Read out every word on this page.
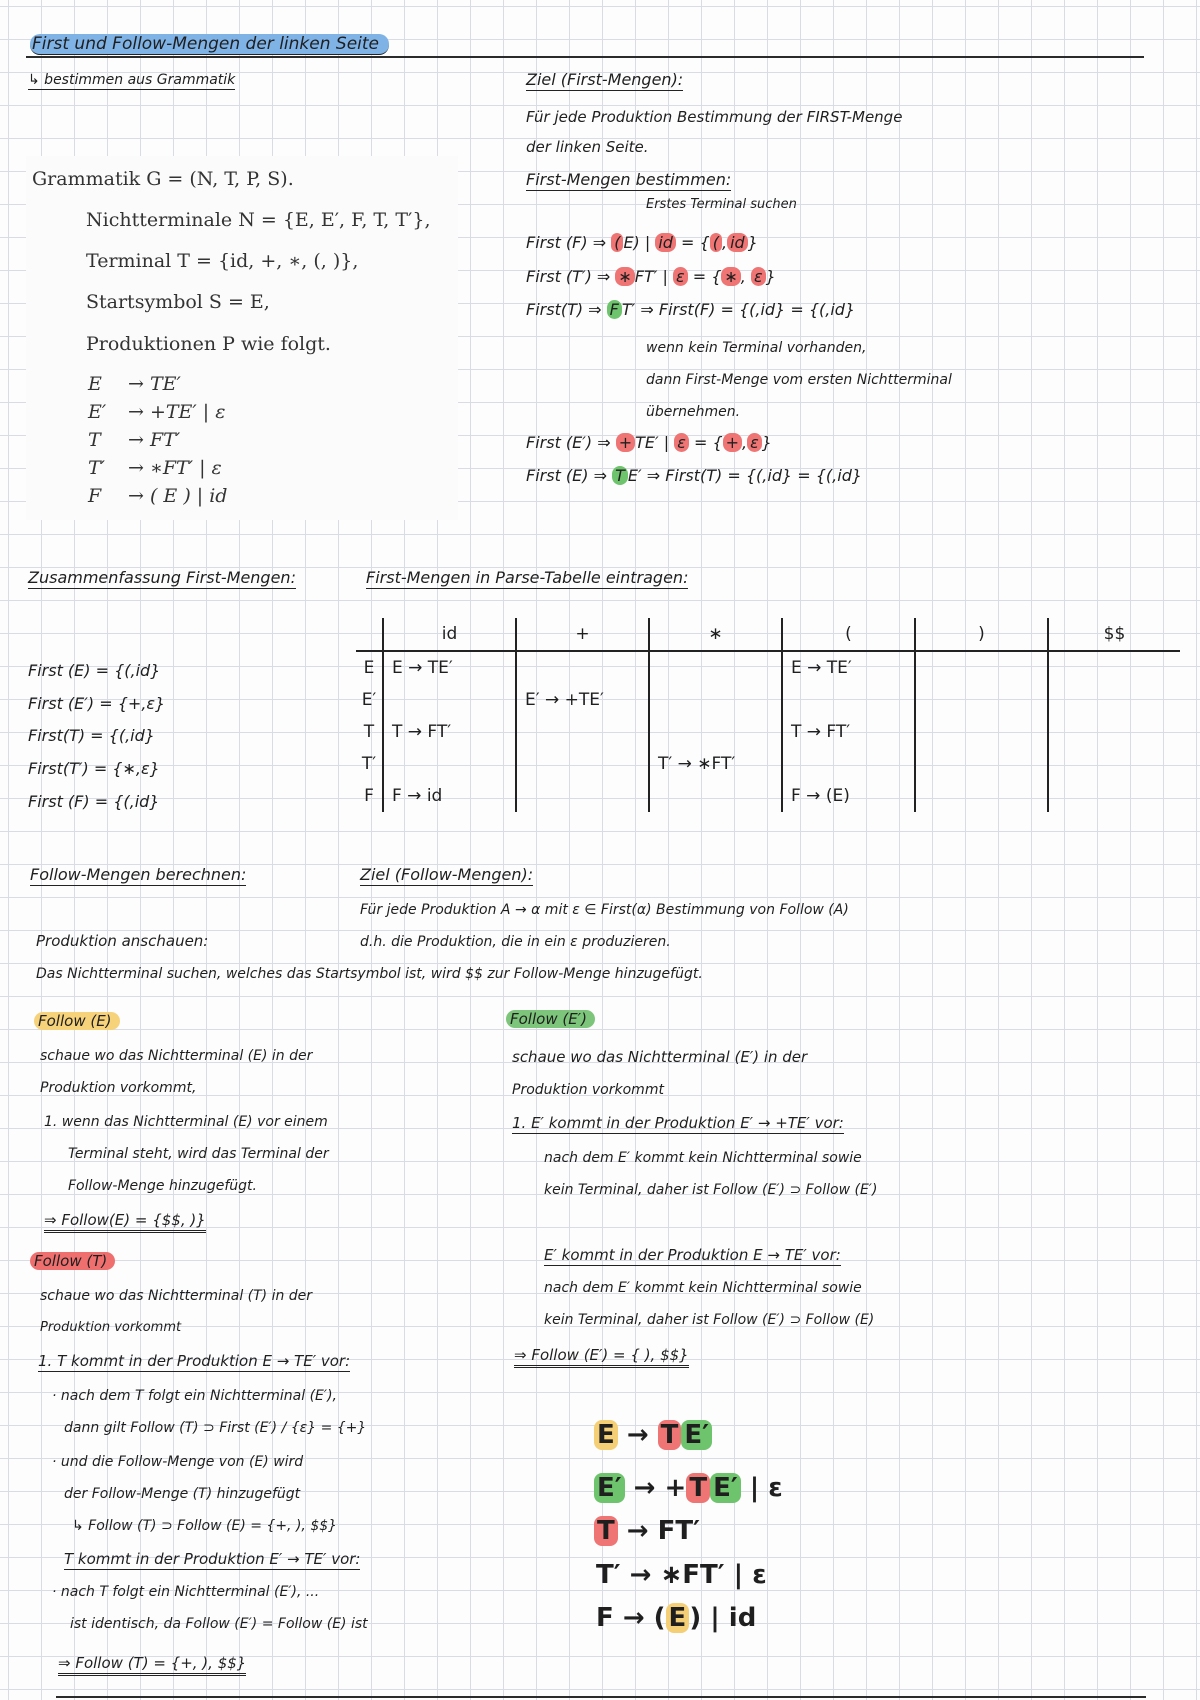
First und Follow-Mengen der linken Seite
↳ bestimmen aus Grammatik
Grammatik G = (N, T, P, S).
Nichtterminale N = {E, E′, F, T, T′},
Terminal T = {id, +, ∗, (, )},
Startsymbol S = E,
Produktionen P wie folgt.
E → TE′
E′ → +TE′ | ε
T → FT′
T′ → ∗FT′ | ε
F → ( E ) | id
Ziel (First-Mengen):
Für jede Produktion Bestimmung der FIRST-Menge
der linken Seite.
First-Mengen bestimmen:
Erstes Terminal suchen
First (F) ⇒ ( E) | id = { ( , id }
First (T′) ⇒ ∗ FT′ | ε = { ∗ , ε }
First(T) ⇒ F T′ ⇒ First(F) = {(,id} = {(,id}
wenn kein Terminal vorhanden,
dann First-Menge vom ersten Nichtterminal
übernehmen.
First (E′) ⇒ + TE′ | ε = { + , ε }
First (E) ⇒ T E′ ⇒ First(T) = {(,id} = {(,id}
Zusammenfassung First-Mengen:
First (E) = {(,id}
First (E′) = {+,ε}
First(T) = {(,id}
First(T′) = {∗,ε}
First (F) = {(,id}
First-Mengen in Parse-Tabelle eintragen:
	id	+	∗	(	)	$$
E	E → TE′			E → TE′		
E′		E′ → +TE′				
T	T → FT′			T → FT′		
T′			T′ → ∗FT′			
F	F → id			F → (E)		
Follow-Mengen berechnen:	Ziel (Follow-Mengen):
Für jede Produktion A → α mit ε ∈ First(α) Bestimmung von Follow (A)
d.h. die Produktion, die in ein ε produzieren.
Produktion anschauen:
Das Nichtterminal suchen, welches das Startsymbol ist, wird $$ zur Follow-Menge hinzugefügt.
Follow (E)
schaue wo das Nichtterminal (E) in der
Produktion vorkommt,
1. wenn das Nichtterminal (E) vor einem
Terminal steht, wird das Terminal der
Follow-Menge hinzugefügt.
⇒ Follow(E) = {$$, )}
Follow (T)
schaue wo das Nichtterminal (T) in der
Produktion vorkommt
1. T kommt in der Produktion E → TE′ vor:
· nach dem T folgt ein Nichtterminal (E′),
dann gilt Follow (T) ⊃ First (E′) / {ε} = {+}
· und die Follow-Menge von (E) wird
der Follow-Menge (T) hinzugefügt
↳ Follow (T) ⊃ Follow (E) = {+, ), $$}
T kommt in der Produktion E′ → TE′ vor:
· nach T folgt ein Nichtterminal (E′), ...
ist identisch, da Follow (E′) = Follow (E) ist
⇒ Follow (T) = {+, ), $$}
Follow (E′)
schaue wo das Nichtterminal (E′) in der
Produktion vorkommt
1. E′ kommt in der Produktion E′ → +TE′ vor:
nach dem E′ kommt kein Nichtterminal sowie
kein Terminal, daher ist Follow (E′) ⊃ Follow (E′)
E′ kommt in der Produktion E → TE′ vor:
nach dem E′ kommt kein Nichtterminal sowie
kein Terminal, daher ist Follow (E′) ⊃ Follow (E)
⇒ Follow (E′) = { ), $$}
E → T E′
E′ → + T E′ | ε
T → FT′
T′ → ∗FT′ | ε
F → ( E ) | id
